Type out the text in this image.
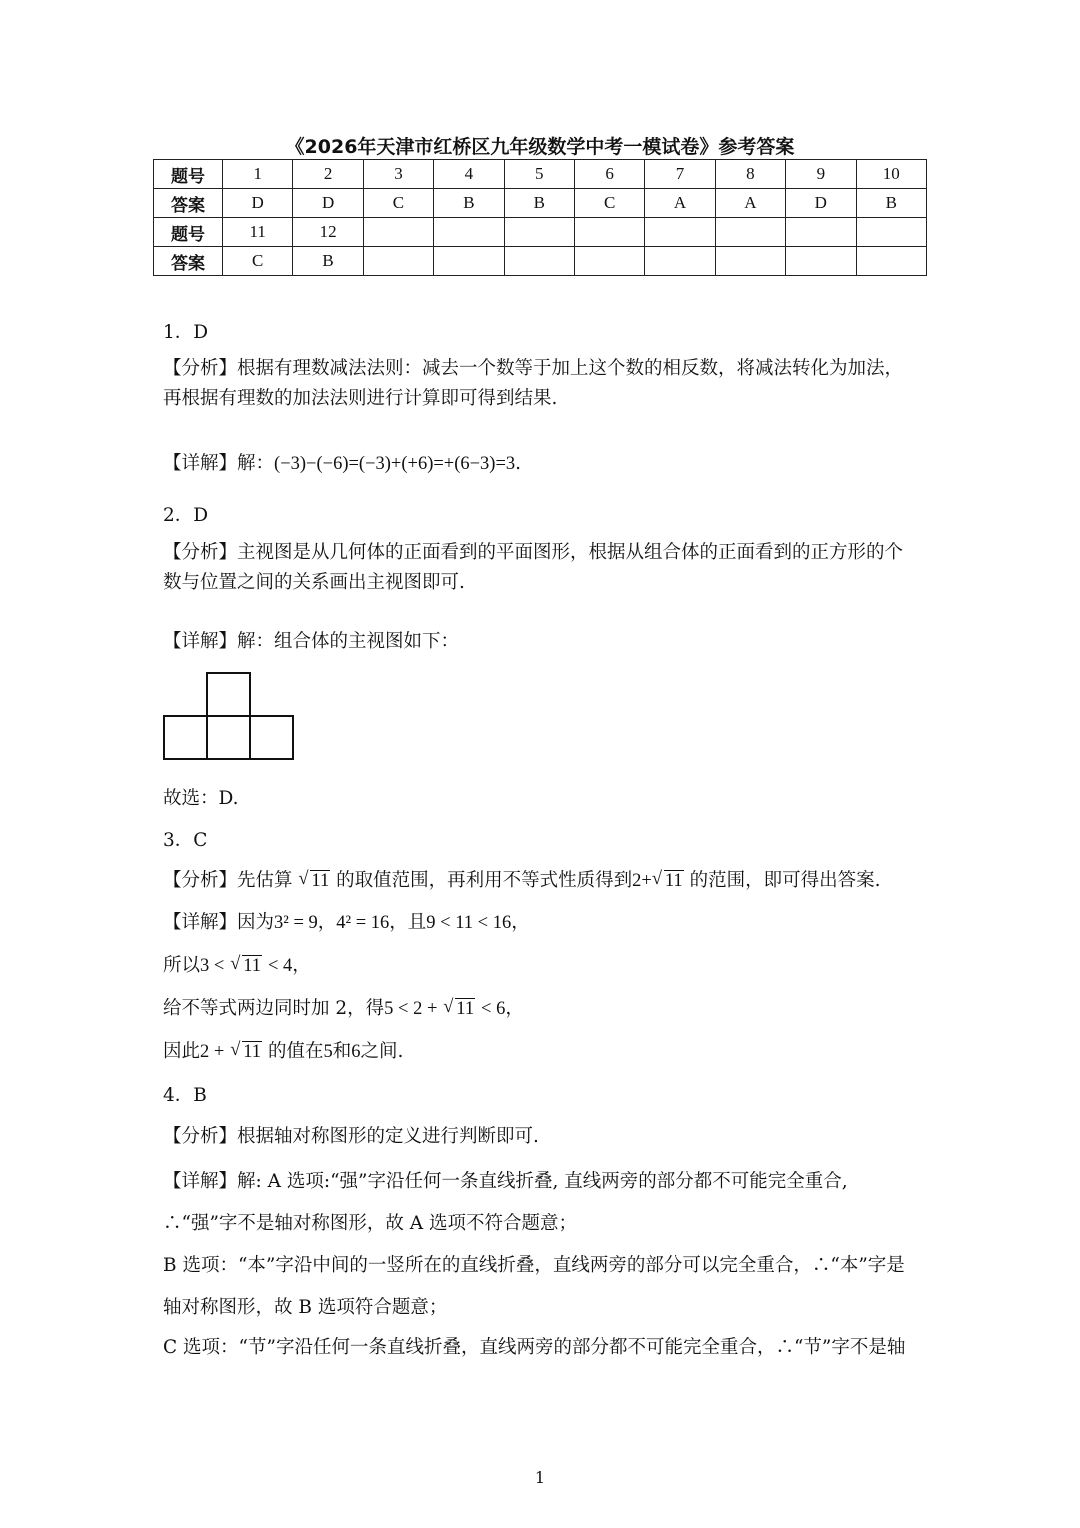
《2026年天津市红桥区九年级数学中考一模试卷》参考答案
题号	1	2	3	4	5	6	7	8	9	10
答案	D	D	C	B	B	C	A	A	D	B
题号	11	12								
答案	C	B								
1．D
【分析】根据有理数减法法则：减去一个数等于加上这个数的相反数，将减法转化为加法，再根据有理数的加法法则进行计算即可得到结果.
【详解】解：(−3)−(−6)=(−3)+(+6)=+(6−3)=3.
2．D
【分析】主视图是从几何体的正面看到的平面图形，根据从组合体的正面看到的正方形的个数与位置之间的关系画出主视图即可.
【详解】解：组合体的主视图如下：
故选：D.
3．C
【分析】先估算 √ 11 的取值范围，再利用不等式性质得到2+ √ 11 的范围，即可得出答案.
【详解】因为3² = 9，4² = 16，且9 < 11 < 16，
所以3 < √ 11 < 4，
给不等式两边同时加 2，得5 < 2 + √ 11 < 6，
因此2 + √ 11 的值在5和6之间.
4．B
【分析】根据轴对称图形的定义进行判断即可.
【详解】解: A 选项:“强”字沿任何一条直线折叠, 直线两旁的部分都不可能完全重合, ∴“强”字不是轴对称图形，故 A 选项不符合题意；
B 选项：“本”字沿中间的一竖所在的直线折叠，直线两旁的部分可以完全重合，∴“本”字是轴对称图形，故 B 选项符合题意；
C 选项：“节”字沿任何一条直线折叠，直线两旁的部分都不可能完全重合，∴“节”字不是轴
1
